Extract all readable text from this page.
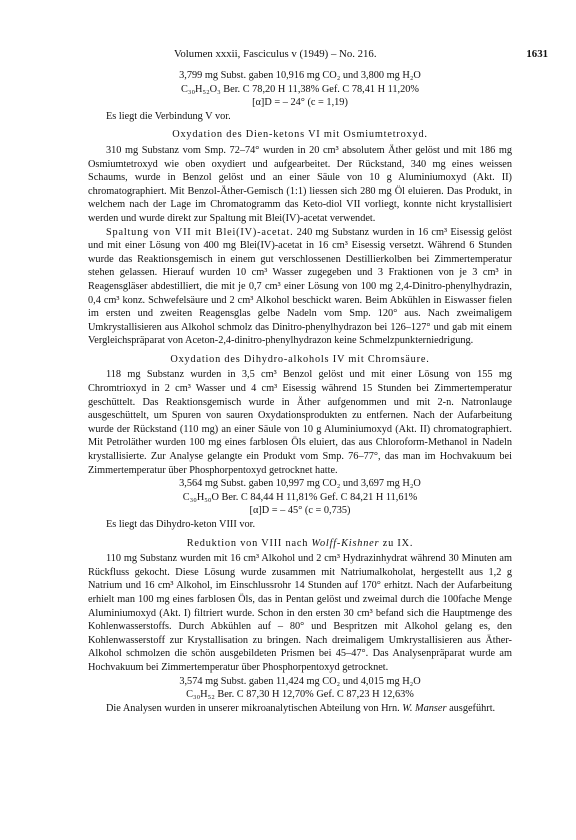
Volumen xxxii, Fasciculus v (1949) – No. 216.	1631
3,799 mg Subst. gaben 10,916 mg CO₂ und 3,800 mg H₂O
C₃₀H₅₂O₃ Ber. C 78,20 H 11,38% Gef. C 78,41 H 11,20%
[α]D = – 24° (c = 1,19)
Es liegt die Verbindung V vor.
Oxydation des Dien-ketons VI mit Osmiumtetroxyd.

310 mg Substanz vom Smp. 72–74° wurden in 20 cm³ absolutem Äther gelöst und mit 186 mg Osmiumtetroxyd wie oben oxydiert und aufgearbeitet. Der Rückstand, 340 mg eines weissen Schaums, wurde in Benzol gelöst und an einer Säule von 10 g Aluminiumoxyd (Akt. II) chromatographiert. Mit Benzol-Äther-Gemisch (1:1) liessen sich 280 mg Öl eluieren. Das Produkt, in welchem nach der Lage im Chromatogramm das Keto-diol VII vorliegt, konnte nicht krystallisiert werden und wurde direkt zur Spaltung mit Blei(IV)-acetat verwendet.

Spaltung von VII mit Blei(IV)-acetat. 240 mg Substanz wurden in 16 cm³ Eisessig gelöst und mit einer Lösung von 400 mg Blei(IV)-acetat in 16 cm³ Eisessig versetzt. Während 6 Stunden wurde das Reaktionsgemisch in einem gut verschlossenen Destillierkolben bei Zimmertemperatur stehen gelassen. Hierauf wurden 10 cm³ Wasser zugegeben und 3 Fraktionen von je 3 cm³ in Reagensgläser abdestilliert, die mit je 0,7 cm³ einer Lösung von 100 mg 2,4-Dinitro-phenylhydrazin, 0,4 cm³ konz. Schwefelsäure und 2 cm³ Alkohol beschickt waren. Beim Abkühlen in Eiswasser fielen im ersten und zweiten Reagensglas gelbe Nadeln vom Smp. 120° aus. Nach zweimaligem Umkrystallisieren aus Alkohol schmolz das Dinitro-phenylhydrazon bei 126–127° und gab mit einem Vergleichspräparat von Aceton-2,4-dinitro-phenylhydrazon keine Schmelzpunkterniedrigung.

Oxydation des Dihydro-alkohols IV mit Chromsäure.

118 mg Substanz wurden in 3,5 cm³ Benzol gelöst und mit einer Lösung von 155 mg Chromtrioxyd in 2 cm³ Wasser und 4 cm³ Eisessig während 15 Stunden bei Zimmertemperatur geschüttelt. Das Reaktionsgemisch wurde in Äther aufgenommen und mit 2-n. Natronlauge ausgeschüttelt, um Spuren von sauren Oxydationsprodukten zu entfernen. Nach der Aufarbeitung wurde der Rückstand (110 mg) an einer Säule von 10 g Aluminiumoxyd (Akt. II) chromatographiert. Mit Petroläther wurden 100 mg eines farblosen Öls eluiert, das aus Chloroform-Methanol in Nadeln krystallisierte. Zur Analyse gelangte ein Produkt vom Smp. 76–77°, das man im Hochvakuum bei Zimmertemperatur über Phosphorpentoxyd getrocknet hatte.

3,564 mg Subst. gaben 10,997 mg CO₂ und 3,697 mg H₂O
C₃₀H₅₀O Ber. C 84,44 H 11,81% Gef. C 84,21 H 11,61%
[α]D = – 45° (c = 0,735)
Es liegt das Dihydro-keton VIII vor.
Reduktion von VIII nach Wolff-Kishner zu IX.

110 mg Substanz wurden mit 16 cm³ Alkohol und 2 cm³ Hydrazinhydrat während 30 Minuten am Rückfluss gekocht. Diese Lösung wurde zusammen mit Natriumalkoholat, hergestellt aus 1,2 g Natrium und 16 cm³ Alkohol, im Einschlussrohr 14 Stunden auf 170° erhitzt. Nach der Aufarbeitung erhielt man 100 mg eines farblosen Öls, das in Pentan gelöst und zweimal durch die 100fache Menge Aluminiumoxyd (Akt. I) filtriert wurde. Schon in den ersten 30 cm³ befand sich die Hauptmenge des Kohlenwasserstoffs. Durch Abkühlen auf – 80° und Bespritzen mit Alkohol gelang es, den Kohlenwasserstoff zur Krystallisation zu bringen. Nach dreimaligem Umkrystallisieren aus Äther-Alkohol schmolzen die schön ausgebildeten Prismen bei 45–47°. Das Analysenpräparat wurde am Hochvakuum bei Zimmertemperatur über Phosphorpentoxyd getrocknet.

3,574 mg Subst. gaben 11,424 mg CO₂ und 4,015 mg H₂O
C₃₀H₅₂ Ber. C 87,30 H 12,70% Gef. C 87,23 H 12,63%

Die Analysen wurden in unserer mikroanalytischen Abteilung von Hrn. W. Manser ausgeführt.
